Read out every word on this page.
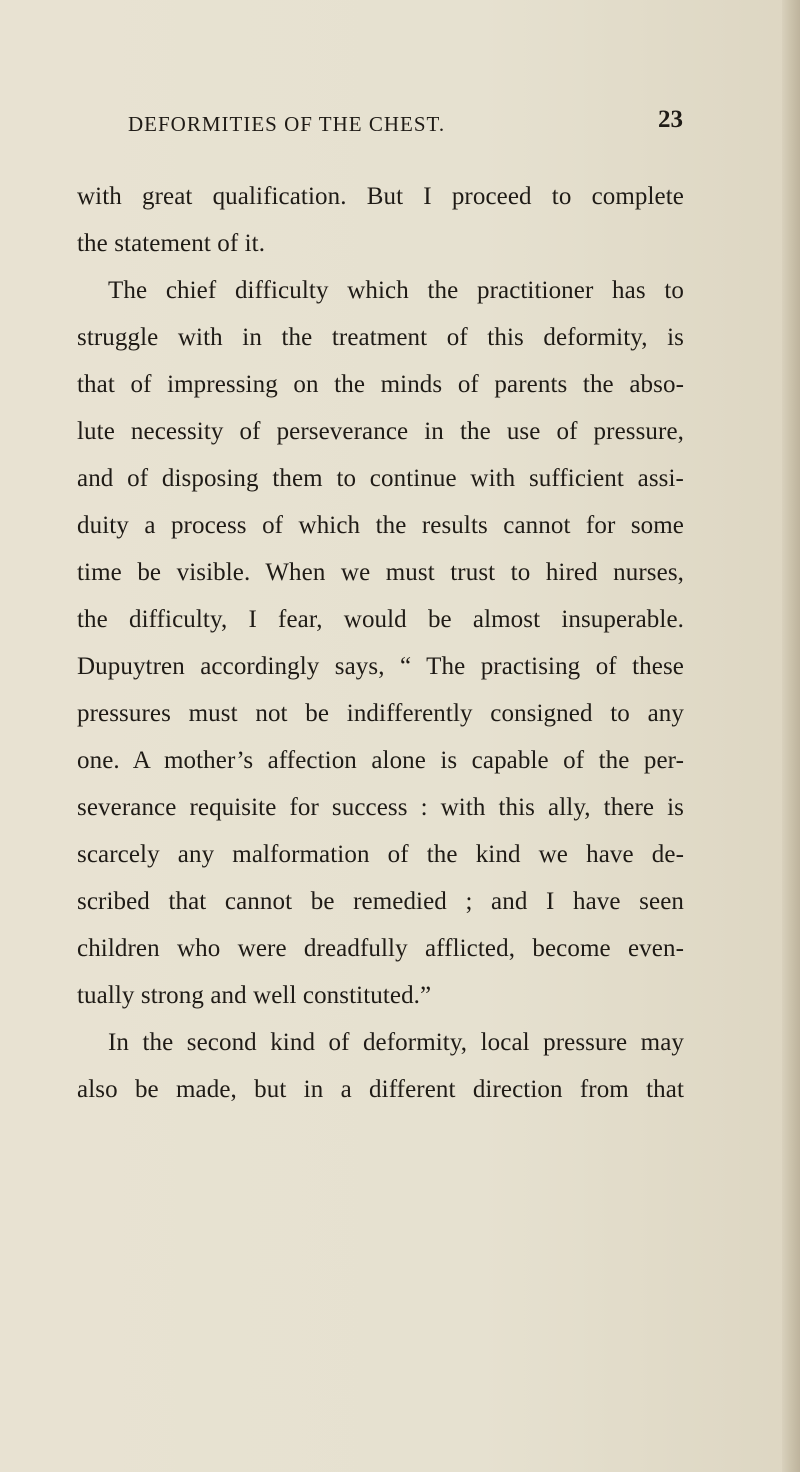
DEFORMITIES OF THE CHEST.	23
with great qualification. But I proceed to complete
the statement of it.
The chief difficulty which the practitioner has to
struggle with in the treatment of this deformity, is
that of impressing on the minds of parents the abso-
lute necessity of perseverance in the use of pressure,
and of disposing them to continue with sufficient assi-
duity a process of which the results cannot for some
time be visible. When we must trust to hired nurses,
the difficulty, I fear, would be almost insuperable.
Dupuytren accordingly says, “ The practising of these
pressures must not be indifferently consigned to any
one. A mother’s affection alone is capable of the per-
severance requisite for success : with this ally, there is
scarcely any malformation of the kind we have de-
scribed that cannot be remedied ; and I have seen
children who were dreadfully afflicted, become even-
tually strong and well constituted.”
In the second kind of deformity, local pressure may
also be made, but in a different direction from that
